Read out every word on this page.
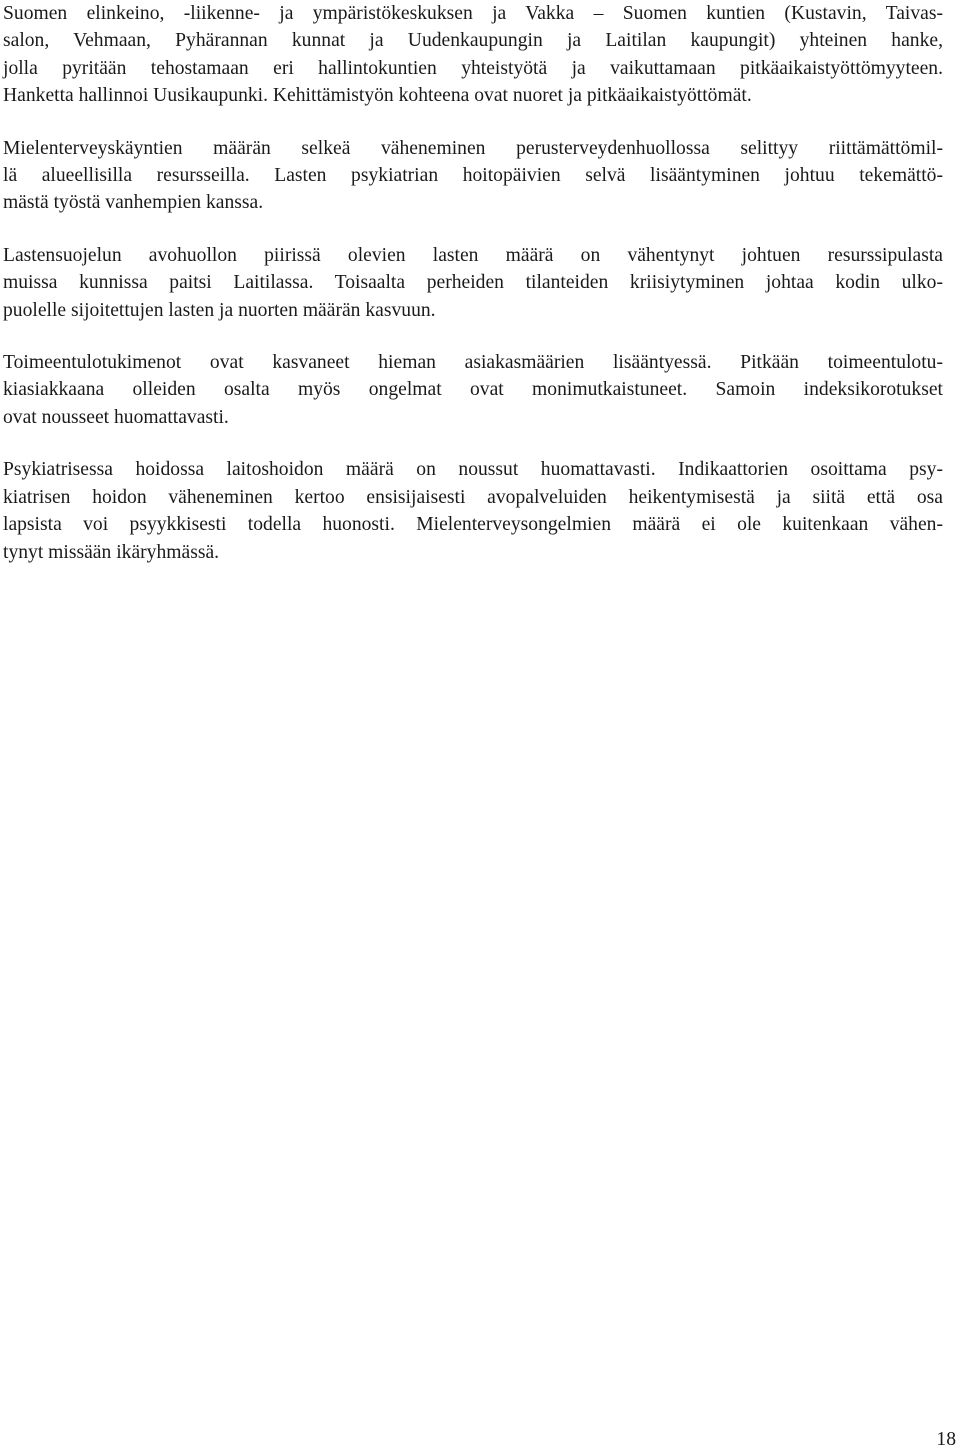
Suomen elinkeino, -liikenne- ja ympäristökeskuksen ja Vakka – Suomen kuntien (Kustavin, Taivas-
salon, Vehmaan, Pyhärannan kunnat ja Uudenkaupungin ja Laitilan kaupungit) yhteinen hanke,
jolla pyritään tehostamaan eri hallintokuntien yhteistyötä ja vaikuttamaan pitkäaikaistyöttömyyteen.
Hanketta hallinnoi Uusikaupunki. Kehittämistyön kohteena ovat nuoret ja pitkäaikaistyöttömät.

Mielenterveyskäyntien määrän selkeä väheneminen perusterveydenhuollossa selittyy riittämättömil-
lä alueellisilla resursseilla. Lasten psykiatrian hoitopäivien selvä lisääntyminen johtuu tekemättö-
mästä työstä vanhempien kanssa.

Lastensuojelun avohuollon piirissä olevien lasten määrä on vähentynyt johtuen resurssipulasta
muissa kunnissa paitsi Laitilassa. Toisaalta perheiden tilanteiden kriisiytyminen johtaa kodin ulko-
puolelle sijoitettujen lasten ja nuorten määrän kasvuun.

Toimeentulotukimenot ovat kasvaneet hieman asiakasmäärien lisääntyessä. Pitkään toimeentulotu-
kiasiakkaana olleiden osalta myös ongelmat ovat monimutkaistuneet. Samoin indeksikorotukset
ovat nousseet huomattavasti.

Psykiatrisessa hoidossa laitoshoidon määrä on noussut huomattavasti. Indikaattorien osoittama psy-
kiatrisen hoidon väheneminen kertoo ensisijaisesti avopalveluiden heikentymisestä ja siitä että osa
lapsista voi psyykkisesti todella huonosti. Mielenterveysongelmien määrä ei ole kuitenkaan vähen-
tynyt missään ikäryhmässä.

18
